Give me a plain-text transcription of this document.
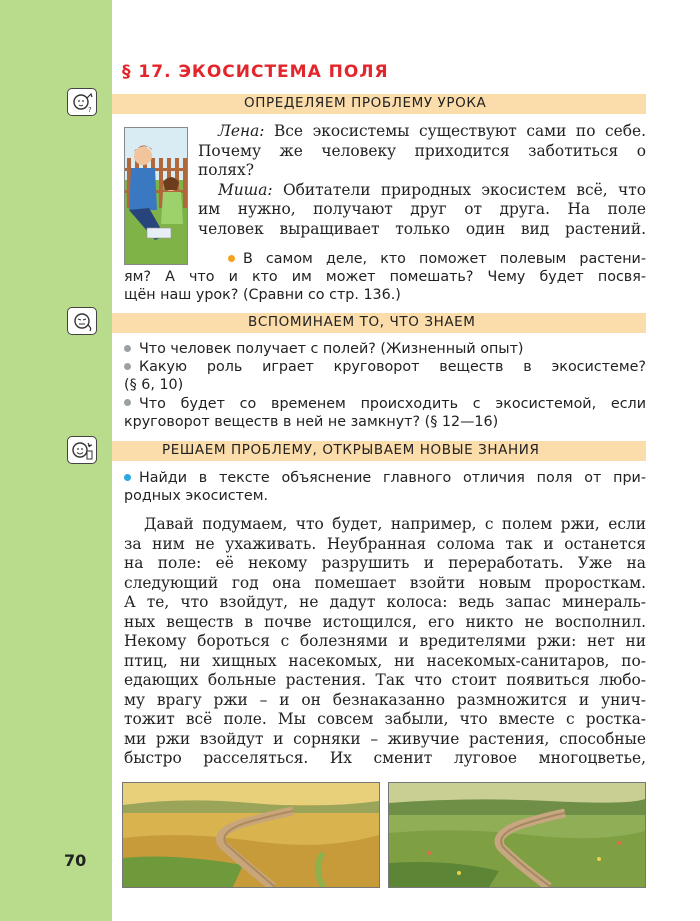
§ 17. ЭКОСИСТЕМА ПОЛЯ
?	ОПРЕДЕЛЯЕМ ПРОБЛЕМУ УРОКА
Лена: Все экосистемы существуют сами по себе.
Почему же человеку приходится заботиться о
полях?
Миша: Обитатели природных экосистем всё, что
им нужно, получают друг от друга. На поле
человек выращивает только один вид растений.
В самом деле, кто поможет полевым растени-
ям? А что и кто им может помешать? Чему будет посвя-
щён наш урок? (Сравни со стр. 136.)
ВСПОМИНАЕМ ТО, ЧТО ЗНАЕМ
Что человек получает с полей? (Жизненный опыт)
Какую роль играет круговорот веществ в экосистеме?
(§ 6, 10)
Что будет со временем происходить с экосистемой, если
круговорот веществ в ней не замкнут? (§ 12—16)
РЕШАЕМ ПРОБЛЕМУ, ОТКРЫВАЕМ НОВЫЕ ЗНАНИЯ
Найди в тексте объяснение главного отличия поля от при-
родных экосистем.
Давай подумаем, что будет, например, с полем ржи, если
за ним не ухаживать. Неубранная солома так и останется
на поле: её некому разрушить и переработать. Уже на
следующий год она помешает взойти новым проросткам.
А те, что взойдут, не дадут колоса: ведь запас минераль-
ных веществ в почве истощился, его никто не восполнил.
Некому бороться с болезнями и вредителями ржи: нет ни
птиц, ни хищных насекомых, ни насекомых-санитаров, по-
едающих больные растения. Так что стоит появиться любо-
му врагу ржи – и он безнаказанно размножится и унич-
тожит всё поле. Мы совсем забыли, что вместе с ростка-
ми ржи взойдут и сорняки – живучие растения, способные
быстро расселяться. Их сменит луговое многоцветье,
70
